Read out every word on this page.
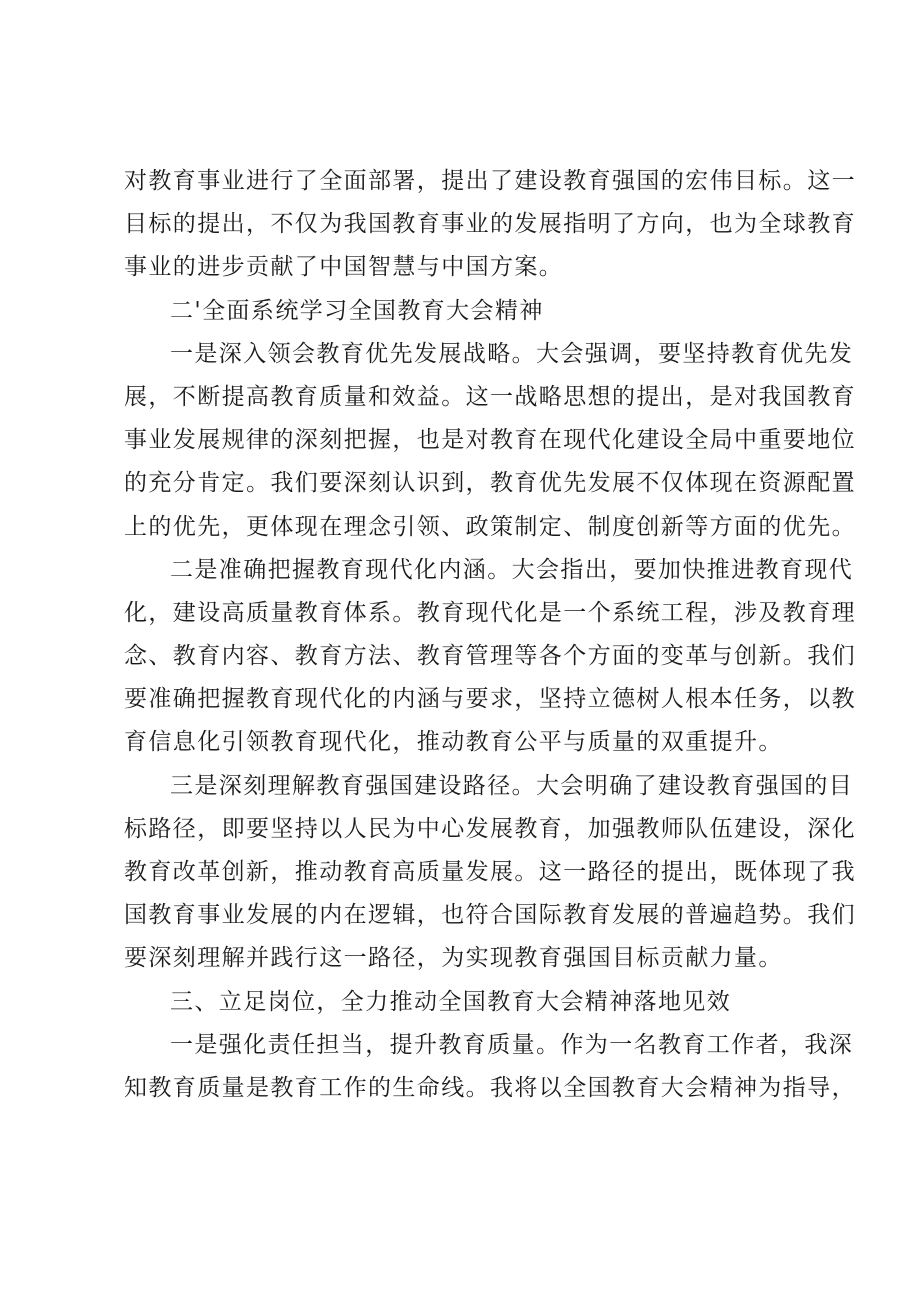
对教育事业进行了全面部署，提出了建设教育强国的宏伟目标。这一
目标的提出，不仅为我国教育事业的发展指明了方向，也为全球教育
事业的进步贡献了中国智慧与中国方案。
二'全面系统学习全国教育大会精神
一是深入领会教育优先发展战略。大会强调，要坚持教育优先发
展，不断提高教育质量和效益。这一战略思想的提出，是对我国教育
事业发展规律的深刻把握，也是对教育在现代化建设全局中重要地位
的充分肯定。我们要深刻认识到，教育优先发展不仅体现在资源配置
上的优先，更体现在理念引领、政策制定、制度创新等方面的优先。
二是准确把握教育现代化内涵。大会指出，要加快推进教育现代
化，建设高质量教育体系。教育现代化是一个系统工程，涉及教育理
念、教育内容、教育方法、教育管理等各个方面的变革与创新。我们
要准确把握教育现代化的内涵与要求，坚持立德树人根本任务，以教
育信息化引领教育现代化，推动教育公平与质量的双重提升。
三是深刻理解教育强国建设路径。大会明确了建设教育强国的目
标路径，即要坚持以人民为中心发展教育，加强教师队伍建设，深化
教育改革创新，推动教育高质量发展。这一路径的提出，既体现了我
国教育事业发展的内在逻辑，也符合国际教育发展的普遍趋势。我们
要深刻理解并践行这一路径，为实现教育强国目标贡献力量。
三、立足岗位，全力推动全国教育大会精神落地见效
一是强化责任担当，提升教育质量。作为一名教育工作者，我深
知教育质量是教育工作的生命线。我将以全国教育大会精神为指导，
